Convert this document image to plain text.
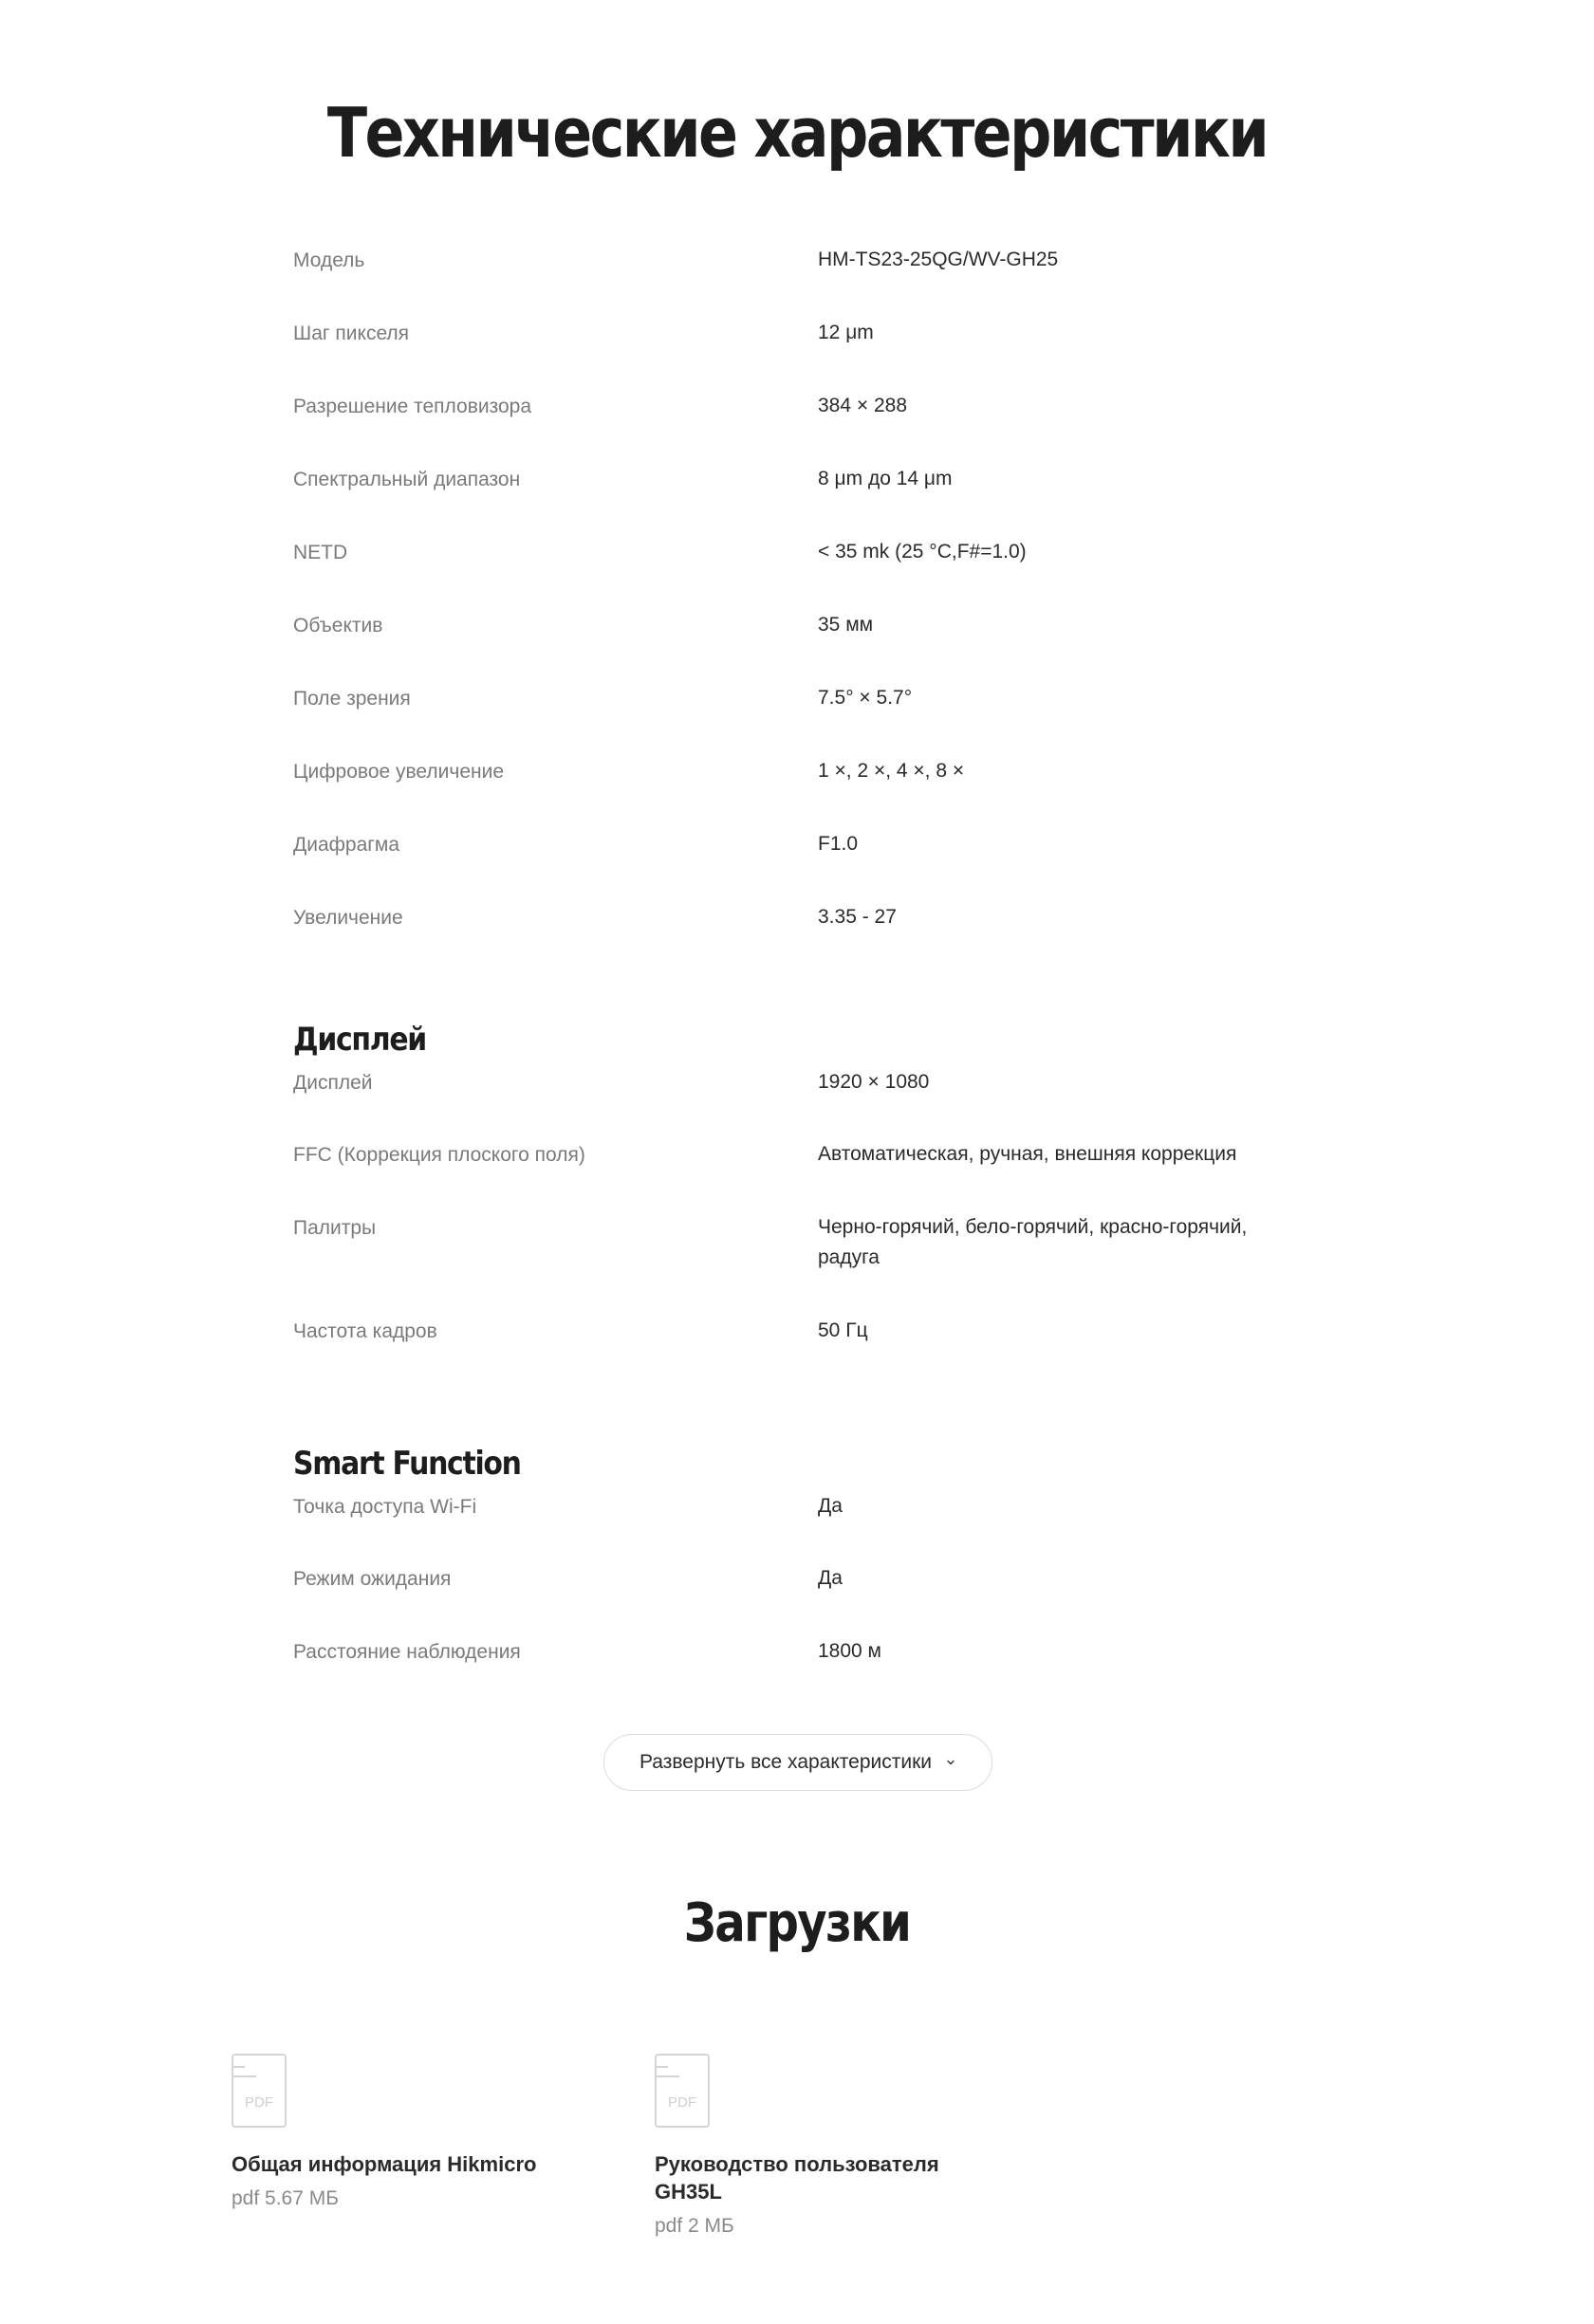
Технические характеристики
Модель	HM-TS23-25QG/WV-GH25
Шаг пикселя	12 μm
Разрешение тепловизора	384 × 288
Спектральный диапазон	8 μm до 14 μm
NETD	< 35 mk (25 °C,F#=1.0)
Объектив	35 мм
Поле зрения	7.5° × 5.7°
Цифровое увеличение	1 ×, 2 ×, 4 ×, 8 ×
Диафрагма	F1.0
Увеличение	3.35 - 27
Дисплей
Дисплей	1920 × 1080
FFC (Коррекция плоского поля)	Автоматическая, ручная, внешняя коррекция
Палитры	Черно-горячий, бело-горячий, красно-горячий, радуга
Частота кадров	50 Гц
Smart Function
Точка доступа Wi-Fi	Да
Режим ожидания	Да
Расстояние наблюдения	1800 м
Развернуть все характеристики
Загрузки
PDF
Общая информация Hikmicro
pdf 5.67 МБ
PDF
Руководство пользователя GH35L
pdf 2 МБ
